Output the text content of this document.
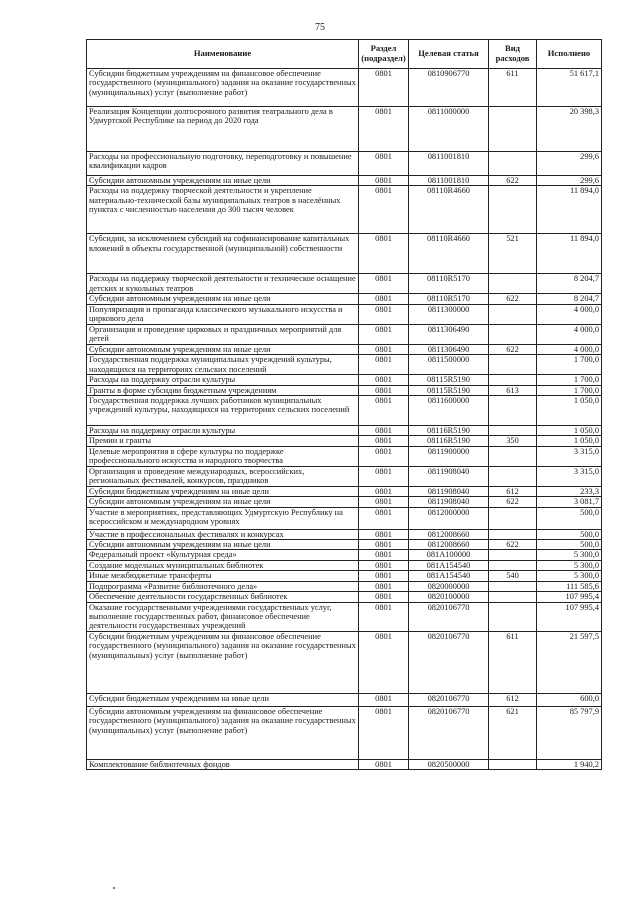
75
Наименование	Раздел (подраздел)	Целевая статья	Вид расходов	Исполнено
Субсидии бюджетным учреждениям на финансовое обеспечение государственного (муниципального) задания на оказание государственных (муниципальных) услуг (выполнение работ)	0801	0810906770	611	51 617,1
Реализация Концепции долгосрочного развития театрального дела в Удмуртской Республике на период до 2020 года	0801	0811000000		20 398,3
Расходы на профессиональную подготовку, переподготовку и повышение квалификации кадров	0801	0811001810		299,6
Субсидии автономным учреждениям на иные цели	0801	0811001810	622	299,6
Расходы на поддержку творческой деятельности и укрепление материально-технической базы муниципальных театров в населённых пунктах с численностью населения до 300 тысяч человек	0801	08110R4660		11 894,0
Субсидии, за исключением субсидий на софинансирование капитальных вложений в объекты государственной (муниципальной) собственности	0801	08110R4660	521	11 894,0
Расходы на поддержку творческой деятельности и техническое оснащение детских и кукольных театров	0801	08110R5170		8 204,7
Субсидии автономным учреждениям на иные цели	0801	08110R5170	622	8 204,7
Популяризация и пропаганда классического музыкального искусства и циркового дела	0801	0811300000		4 000,0
Организация и проведение цирковых и праздничных мероприятий для детей	0801	0811306490		4 000,0
Субсидии автономным учреждениям на иные цели	0801	0811306490	622	4 000,0
Государственная поддержка муниципальных учреждений культуры, находящихся на территориях сельских поселений	0801	0811500000		1 700,0
Расходы на поддержку отрасли культуры	0801	08115R5190		1 700,0
Гранты в форме субсидии бюджетным учреждениям	0801	08115R5190	613	1 700,0
Государственная поддержка лучших работников муниципальных учреждений культуры, находящихся на территориях сельских поселений	0801	0811600000		1 050,0
Расходы на поддержку отрасли культуры	0801	08116R5190		1 050,0
Премии и гранты	0801	08116R5190	350	1 050,0
Целевые мероприятия в сфере культуры по поддержке профессионального искусства и народного творчества	0801	0811900000		3 315,0
Организация и проведение международных, всероссийских, региональных фестивалей, конкурсов, праздников	0801	0811908040		3 315,0
Субсидии бюджетным учреждениям на иные цели	0801	0811908040	612	233,3
Субсидии автономным учреждениям на иные цели	0801	0811908040	622	3 081,7
Участие в мероприятиях, представляющих Удмуртскую Республику на всероссийском и международном уровнях	0801	0812000000		500,0
Участие в профессиональных фестивалях и конкурсах	0801	0812008660		500,0
Субсидии автономным учреждениям на иные цели	0801	0812008660	622	500,0
Федеральный проект «Культурная среда»	0801	081A100000		5 300,0
Создание модельных муниципальных библиотек	0801	081A154540		5 300,0
Иные межбюджетные трансферты	0801	081A154540	540	5 300,0
Подпрограмма «Развитие библиотечного дела»	0801	0820000000		111 585,6
Обеспечение деятельности государственных библиотек	0801	0820100000		107 995,4
Оказание государственными учреждениями государственных услуг, выполнение государственных работ, финансовое обеспечение деятельности государственных учреждений	0801	0820106770		107 995,4
Субсидии бюджетным учреждениям на финансовое обеспечение государственного (муниципального) задания на оказание государственных (муниципальных) услуг (выполнение работ)	0801	0820106770	611	21 597,5
Субсидии бюджетным учреждениям на иные цели	0801	0820106770	612	600,0
Субсидии автономным учреждениям на финансовое обеспечение государственного (муниципального) задания на оказание государственных (муниципальных) услуг (выполнение работ)	0801	0820106770	621	85 797,9
Комплектование библиотечных фондов	0801	0820500000		1 940,2
